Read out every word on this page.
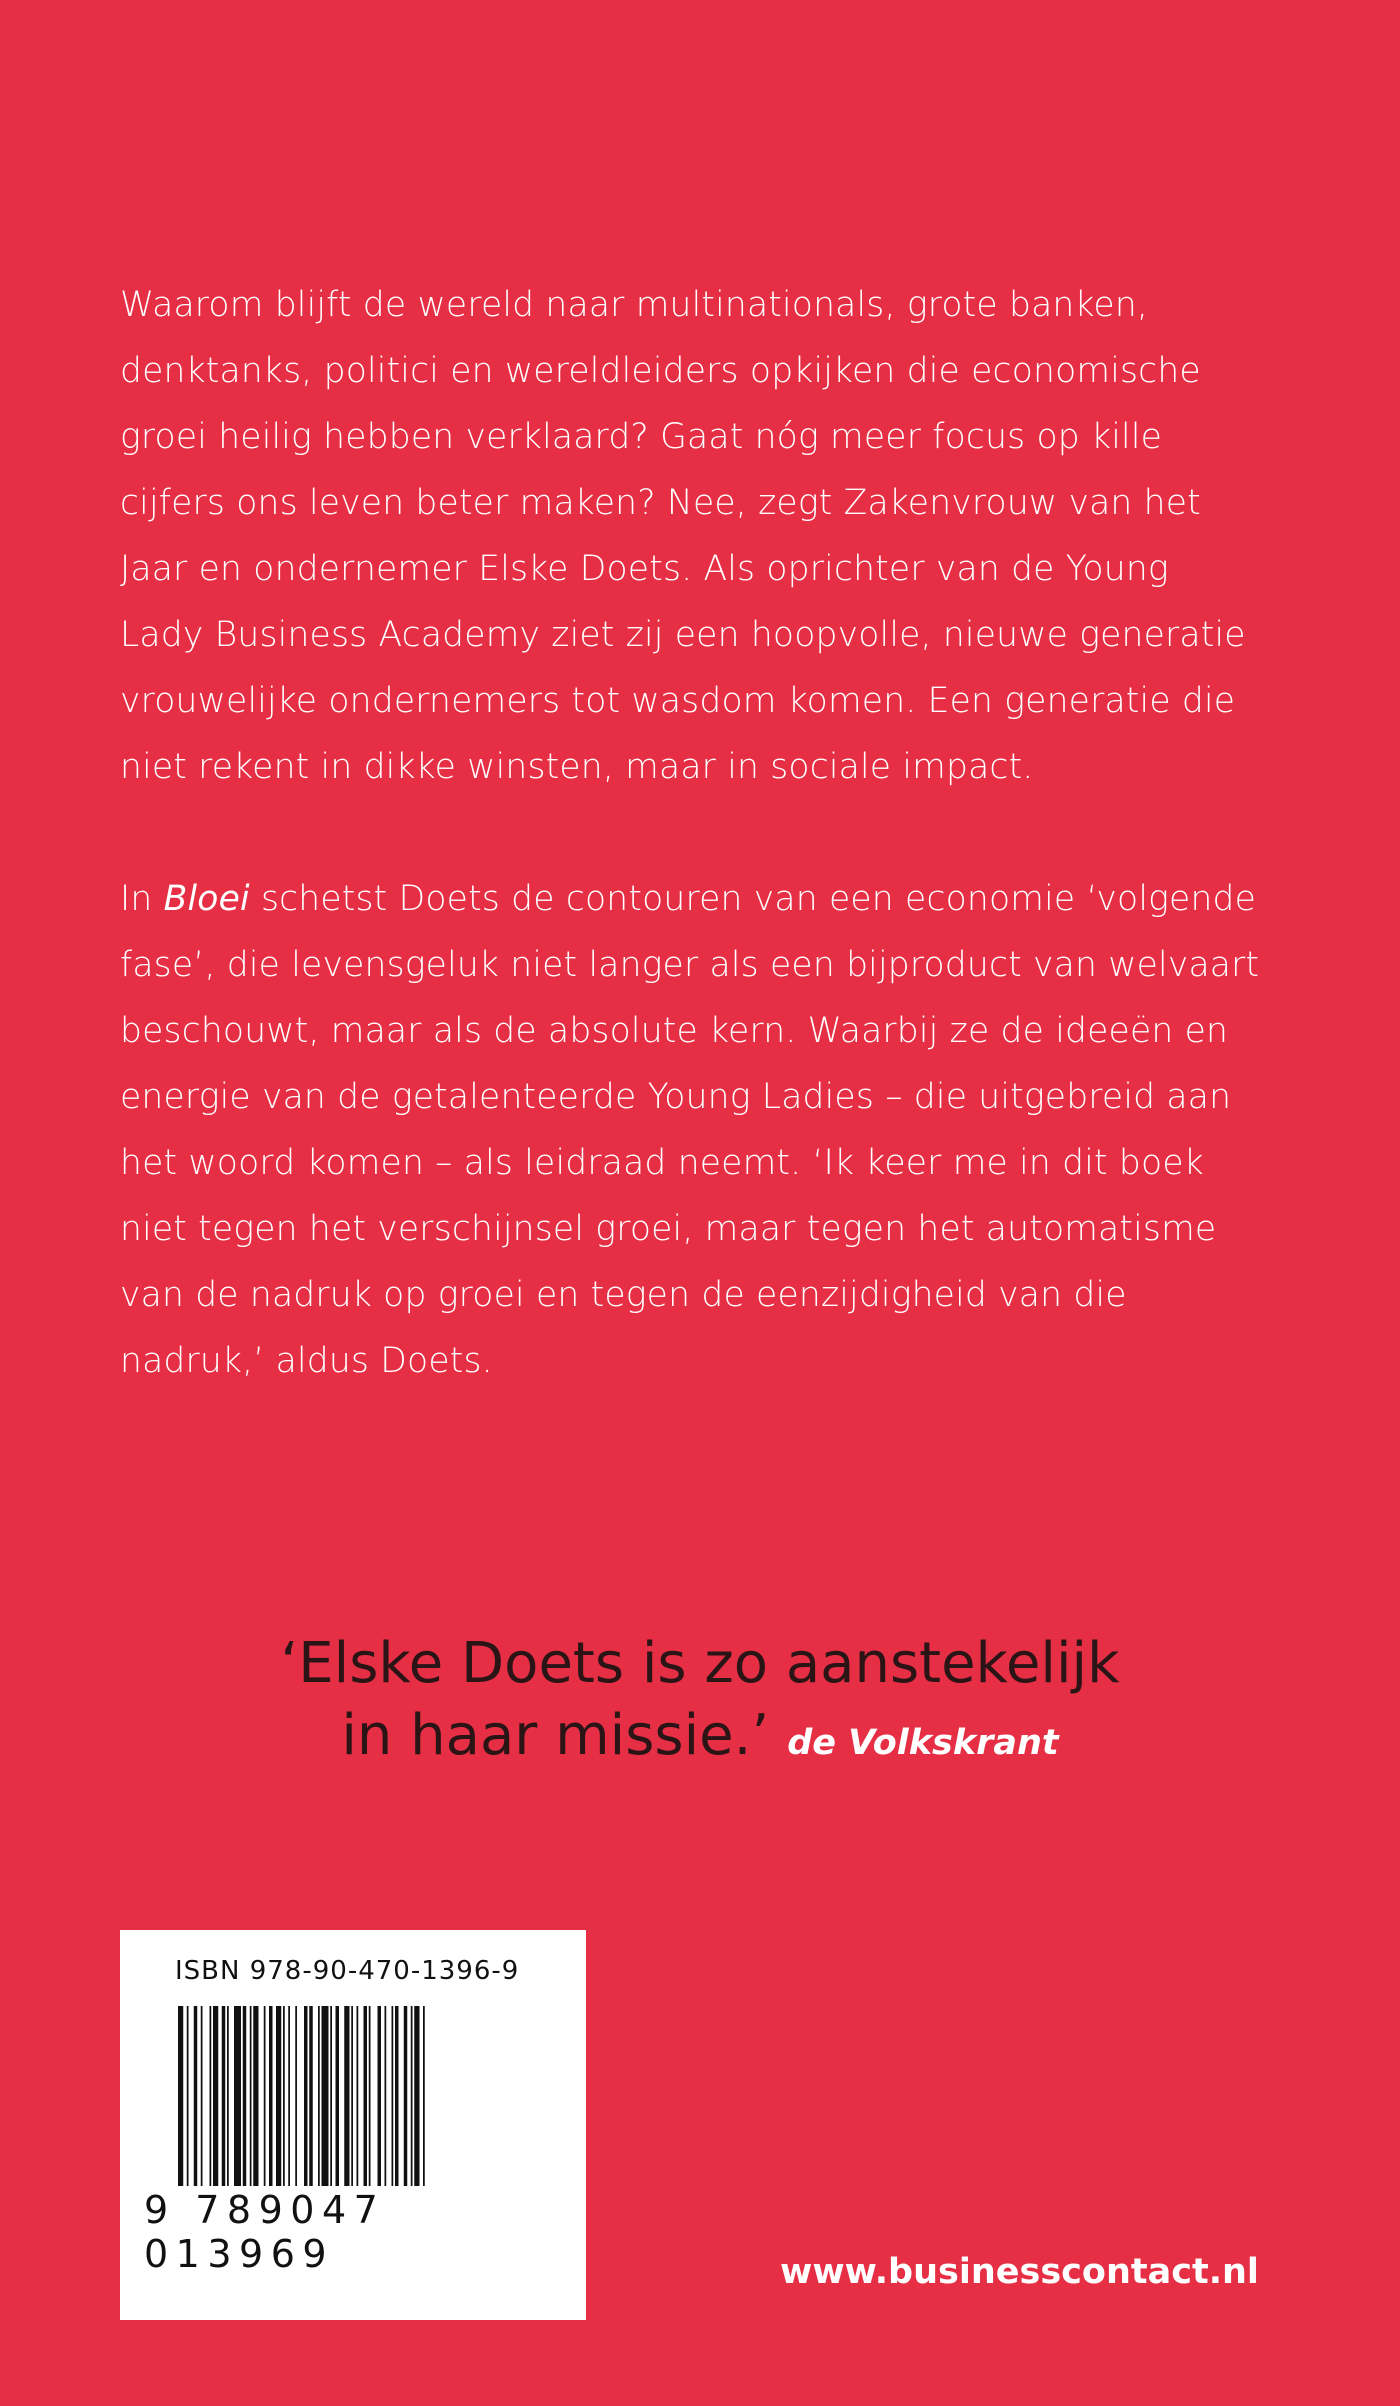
Waarom blijft de wereld naar multinationals, grote banken, denktanks, politici en wereldleiders opkijken die economische groei heilig hebben verklaard? Gaat nóg meer focus op kille cijfers ons leven beter maken? Nee, zegt Zakenvrouw van het Jaar en ondernemer Elske Doets. Als oprichter van de Young Lady Business Academy ziet zij een hoopvolle, nieuwe generatie vrouwelijke ondernemers tot wasdom komen. Een generatie die niet rekent in dikke winsten, maar in sociale impact.

In Bloei schetst Doets de contouren van een economie ‘volgende fase’, die levensgeluk niet langer als een bijproduct van welvaart beschouwt, maar als de absolute kern. Waarbij ze de ideeën en energie van de getalenteerde Young Ladies – die uitgebreid aan het woord komen – als leidraad neemt. ‘Ik keer me in dit boek niet tegen het verschijnsel groei, maar tegen het automatisme van de nadruk op groei en tegen de eenzijdigheid van die nadruk,’ aldus Doets.

‘Elske Doets is zo aanstekelijk
in haar missie.’ de Volkskrant
ISBN 978-90-470-1396-9
9 789047 013969	www.businesscontact.nl
